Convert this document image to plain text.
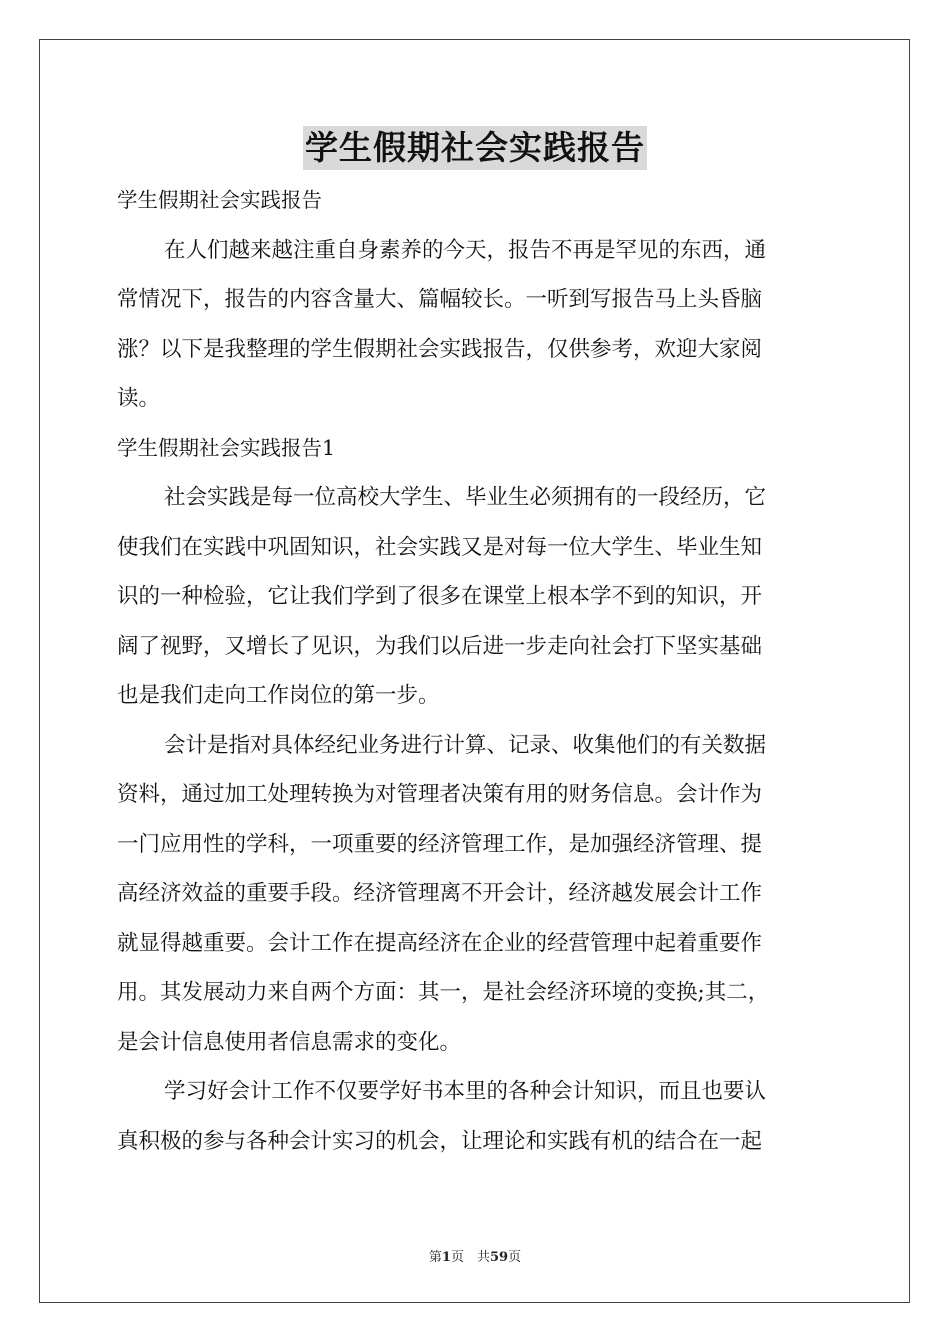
学生假期社会实践报告
学生假期社会实践报告
在人们越来越注重自身素养的今天，报告不再是罕见的东西，通
常情况下，报告的内容含量大、篇幅较长。一听到写报告马上头昏脑
涨？以下是我整理的学生假期社会实践报告，仅供参考，欢迎大家阅
读。
学生假期社会实践报告1
社会实践是每一位高校大学生、毕业生必须拥有的一段经历，它
使我们在实践中巩固知识，社会实践又是对每一位大学生、毕业生知
识的一种检验，它让我们学到了很多在课堂上根本学不到的知识，开
阔了视野，又增长了见识，为我们以后进一步走向社会打下坚实基础
也是我们走向工作岗位的第一步。
会计是指对具体经纪业务进行计算、记录、收集他们的有关数据
资料，通过加工处理转换为对管理者决策有用的财务信息。会计作为
一门应用性的学科，一项重要的经济管理工作，是加强经济管理、提
高经济效益的重要手段。经济管理离不开会计，经济越发展会计工作
就显得越重要。会计工作在提高经济在企业的经营管理中起着重要作
用。其发展动力来自两个方面：其一，是社会经济环境的变换;其二，
是会计信息使用者信息需求的变化。
学习好会计工作不仅要学好书本里的各种会计知识，而且也要认
真积极的参与各种会计实习的机会，让理论和实践有机的结合在一起
第1页　共59页
